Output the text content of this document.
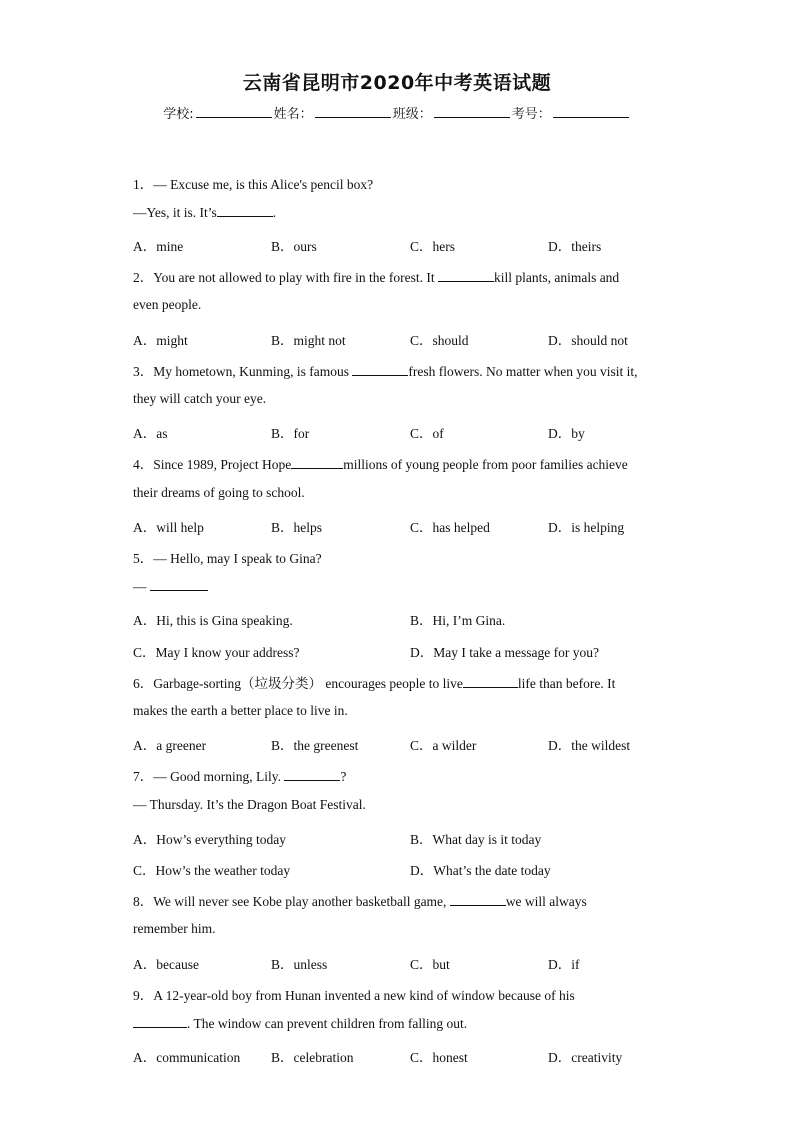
云南省昆明市2020年中考英语试题
学校:	姓名：	班级：	考号：
1．— Excuse me, is this Alice's pencil box?
—Yes, it is. It’s	.
A．mine	B．ours	C．hers	D．theirs
2．You are not allowed to play with fire in the forest. It	kill plants, animals and
even people.
A．might	B．might not	C．should	D．should not
3．My hometown, Kunming, is famous	fresh flowers. No matter when you visit it,
they will catch your eye.
A．as	B．for	C．of	D．by
4．Since 1989, Project Hope	millions of young people from poor families achieve
their dreams of going to school.
A．will help	B．helps	C．has helped	D．is helping
5．— Hello, may I speak to Gina?
—
A．Hi, this is Gina speaking.	B．Hi, I’m Gina.
C．May I know your address?	D．May I take a message for you?
6．Garbage-sorting（垃圾分类） encourages people to live	life than before. It
makes the earth a better place to live in.
A．a greener	B．the greenest	C．a wilder	D．the wildest
7．— Good morning, Lily.	?
— Thursday. It’s the Dragon Boat Festival.
A．How’s everything today	B．What day is it today
C．How’s the weather today	D．What’s the date today
8．We will never see Kobe play another basketball game,	we will always
remember him.
A．because	B．unless	C．but	D．if
9．A 12-year-old boy from Hunan invented a new kind of window because of his
. The window can prevent children from falling out.
A．communication B．celebration	C．honest	D．creativity
